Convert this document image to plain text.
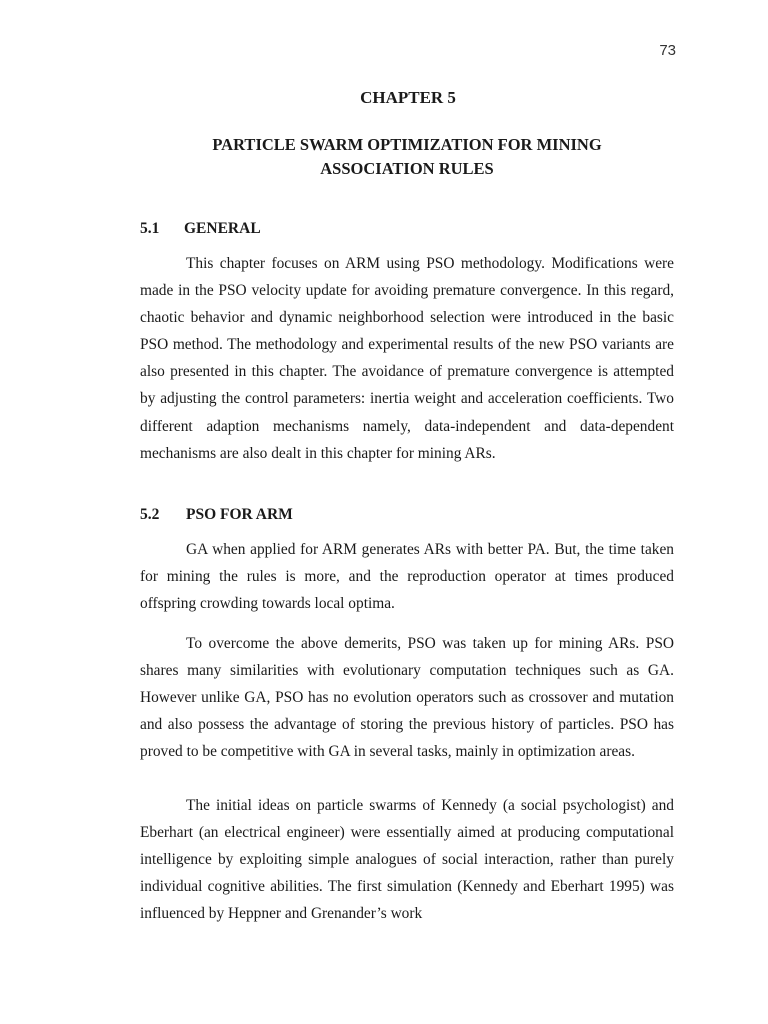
73
CHAPTER 5
PARTICLE SWARM OPTIMIZATION FOR MINING
ASSOCIATION RULES
5.1 GENERAL
This chapter focuses on ARM using PSO methodology. Modifications were made in the PSO velocity update for avoiding premature convergence. In this regard, chaotic behavior and dynamic neighborhood selection were introduced in the basic PSO method. The methodology and experimental results of the new PSO variants are also presented in this chapter. The avoidance of premature convergence is attempted by adjusting the control parameters: inertia weight and acceleration coefficients. Two different adaption mechanisms namely, data-independent and data-dependent mechanisms are also dealt in this chapter for mining ARs.
5.2 PSO FOR ARM
GA when applied for ARM generates ARs with better PA. But, the time taken for mining the rules is more, and the reproduction operator at times produced offspring crowding towards local optima.
To overcome the above demerits, PSO was taken up for mining ARs. PSO shares many similarities with evolutionary computation techniques such as GA. However unlike GA, PSO has no evolution operators such as crossover and mutation and also possess the advantage of storing the previous history of particles. PSO has proved to be competitive with GA in several tasks, mainly in optimization areas.
The initial ideas on particle swarms of Kennedy (a social psychologist) and Eberhart (an electrical engineer) were essentially aimed at producing computational intelligence by exploiting simple analogues of social interaction, rather than purely individual cognitive abilities. The first simulation (Kennedy and Eberhart 1995) was influenced by Heppner and Grenander’s work
